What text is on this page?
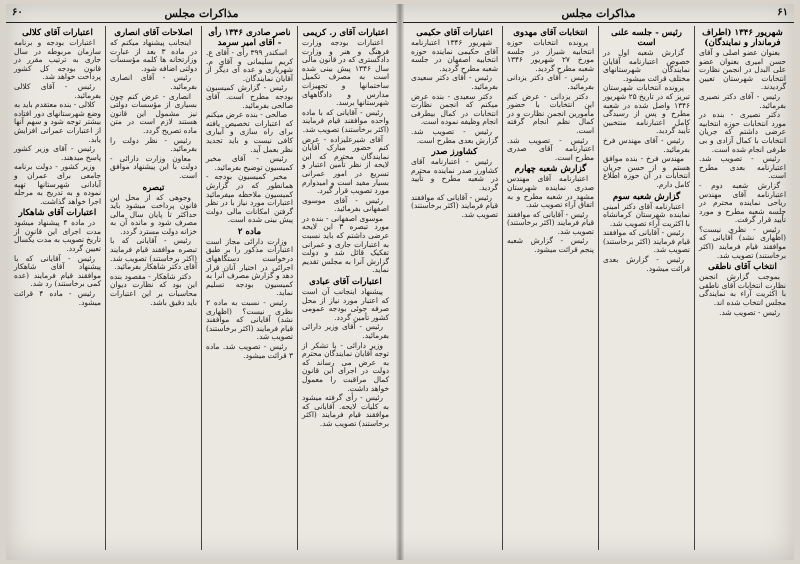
مذاکرات مجلس
۶۰
اعتبارات آقای ر. کریمی
اعتبارات بودجه وزارت فرهنگ و هنر و وزارت دادگستری که در قانون مالی سال ۱۳۴۶ پیش بینی شده است به مصرف تکمیل ساختمانها و تجهیزات مدارس و دادگاههای شهرستانها برسد.
رئیس - آقایانی که با ماده واحده موافقند قیام فرمایند (اکثر برخاستند) تصویب شد.
آقای شیرعلیزاده - عرض کنم حضور مبارک آقایان نمایندگان محترم که این لایحه از نظر تأمین اعتبار و تسریع در امور عمرانی بسیار مفید است و امیدوارم مورد تصویب قرار گیرد.
رئیس - آقای موسوی اصفهانی بفرمائید.
موسوی اصفهانی - بنده در مورد تبصره ۳ این لایحه عرضی داشتم که باید نسبت به اعتبارات جاری و عمرانی تفکیک قائل شد و دولت گزارش آنرا به مجلس تقدیم نماید.
اعتبارات آقای عبادی
پیشنهاد اینجانب آن است که اعتبار مورد نیاز از محل صرفه جوئی بودجه عمومی کشور تأمین گردد.
رئیس - آقای وزیر دارائی بفرمائید.
وزیر دارائی - با تشکر از توجه آقایان نمایندگان محترم به عرض می رساند که دولت در اجرای این قانون کمال مراقبت را معمول خواهد داشت.
رئیس - رأی گرفته میشود به کلیات لایحه. آقایانی که موافقند قیام فرمایند (اکثر برخاستند) تصویب شد.
ناصر صادری ۱۳۴۶ رأی - آقای امیر سرمد
اسکندر ۳۹۹ رأی - آقای ع. کریم سلیمانی و آقای م. شهریاری و عده ای دیگر از آقایان نمایندگان.
رئیس - گزارش کمیسیون بودجه مطرح است. آقای صالحی بفرمائید.
صالحی - بنده عرض میکنم که اعتبارات تخصیص یافته برای راه سازی و آبیاری کافی نیست و باید تجدید نظر بعمل آید.
رئیس - آقای مخبر کمیسیون توضیح بفرمائید.
مخبر کمیسیون بودجه - همانطور که در گزارش کمیسیون ملاحظه میفرمائید اعتبارات مورد نیاز با در نظر گرفتن امکانات مالی دولت پیش بینی شده است.
ماده ۲
وزارت دارائی مجاز است اعتبارات مذکور را بر طبق درخواست دستگاههای اجرائی در اختیار آنان قرار دهد و گزارش مصرف آنرا به کمیسیون بودجه تسلیم نماید.
رئیس - نسبت به ماده ۲ نظری نیست؟ (اظهاری نشد) آقایانی که موافقند قیام فرمایند (اکثر برخاستند) تصویب شد.
رئیس - تصویب شد. ماده ۳ قرائت میشود.
اصلاحات آقای انصاری
اینجانب پیشنهاد میکنم که در ماده ۳ بعد از عبارت وزارتخانه ها کلمه مؤسسات دولتی اضافه شود.
رئیس - آقای انصاری بفرمائید.
انصاری - عرض کنم چون بسیاری از مؤسسات دولتی نیز مشمول این قانون هستند لازم است در متن ماده تصریح گردد.
رئیس - نظر دولت را بفرمائید.
معاون وزارت دارائی - دولت با این پیشنهاد موافق است.
تبصره
وجوهی که از محل این قانون پرداخت میشود باید حداکثر تا پایان سال مالی مصرف شود و مانده آن به خزانه دولت مسترد گردد.
رئیس - آقایانی که با تبصره موافقند قیام فرمایند (اکثر برخاستند) تصویب شد. آقای دکتر شاهکار بفرمائید.
دکتر شاهکار - مقصود بنده این بود که نظارت دیوان محاسبات بر این اعتبارات باید دقیق باشد.
اعتبارات آقای کلالی
اعتبارات بودجه و برنامه سازمان مربوطه در سال جاری به ترتیب مقرر در قانون بودجه کل کشور پرداخت خواهد شد.
رئیس - آقای کلالی بفرمائید.
کلالی - بنده معتقدم باید به وضع شهرستانهای دور افتاده بیشتر توجه شود و سهم آنها از اعتبارات عمرانی افزایش یابد.
رئیس - آقای وزیر کشور پاسخ میدهند.
وزیر کشور - دولت برنامه جامعی برای عمران و آبادانی شهرستانها تهیه نموده و به تدریج به مرحله اجرا خواهد گذاشت.
اعتبارات آقای شاهکار
در ماده ۴ پیشنهاد میشود مدت اجرای این قانون از تاریخ تصویب به مدت یکسال تعیین گردد.
رئیس - آقایانی که با پیشنهاد آقای شاهکار موافقند قیام فرمایند (عده کمی برخاستند) رد شد.
رئیس - ماده ۴ قرائت میشود.
مذاکرات مجلس	۶۱
شهریور ۱۳۴۶ (اطراف فرماندار و نمایندگان)
بعنوان عضو اصلی و آقای حسن امیری بعنوان عضو علی البدل در انجمن نظارت انتخابات شهرستان تعیین گردیدند.
رئیس - آقای دکتر نصیری بفرمائید.
دکتر نصیری - بنده در مورد انتخابات حوزه انتخابیه عرضی داشتم که جریان انتخابات با کمال آزادی و بی طرفی انجام شده است.
رئیس - تصویب شد. اعتبارنامه بعدی مطرح است.
گزارش شعبه دوم - اعتبارنامه آقای مهندس ریاحی نماینده محترم در جلسه شعبه مطرح و مورد تأیید قرار گرفت.
رئیس - نظری نیست؟ (اظهاری نشد) آقایانی که موافقند قیام فرمایند (اکثر برخاستند) تصویب شد.
انتخاب آقای ناطقی
بموجب گزارش انجمن نظارت انتخابات آقای ناطقی با اکثریت آراء به نمایندگی مجلس انتخاب شده اند.
رئیس - تصویب شد.
رئیس - جلسه علنی است
گزارش شعبه اول در خصوص اعتبارنامه آقایان نمایندگان شهرستانهای مختلف قرائت میشود.
پرونده انتخابات شهرستان تبریز که در تاریخ ۲۵ شهریور ۱۳۴۶ واصل شده در شعبه مطرح و پس از رسیدگی کامل اعتبارنامه منتخبین تأیید گردید.
رئیس - آقای مهندس فرخ بفرمائید.
مهندس فرخ - بنده موافق هستم و از حسن جریان انتخابات در آن حوزه اطلاع کامل دارم.
گزارش شعبه سوم
اعتبارنامه آقای دکتر امینی نماینده شهرستان کرمانشاه با اکثریت آراء تصویب شد.
رئیس - آقایانی که موافقند قیام فرمایند (اکثر برخاستند) تصویب شد.
رئیس - گزارش بعدی قرائت میشود.
انتخابات آقای مهدوی
پرونده انتخابات حوزه انتخابیه شیراز در جلسه مورخ ۲۷ شهریور ۱۳۴۶ شعبه مطرح گردید.
رئیس - آقای دکتر یزدانی بفرمائید.
دکتر یزدانی - عرض کنم این انتخابات با حضور مأمورین انجمن نظارت و در کمال نظم انجام گرفته است.
رئیس - تصویب شد. اعتبارنامه آقای صدری مطرح است.
گزارش شعبه چهارم
اعتبارنامه آقای مهندس صدری نماینده شهرستان مشهد در شعبه مطرح و به اتفاق آراء تصویب شد.
رئیس - آقایانی که موافقند قیام فرمایند (اکثر برخاستند) تصویب شد.
رئیس - گزارش شعبه پنجم قرائت میشود.
اعتبارات آقای حکیمی
شهریور ۱۳۴۶ اعتبارنامه آقای حکیمی نماینده حوزه انتخابیه اصفهان در جلسه شعبه مطرح گردید.
رئیس - آقای دکتر سعیدی بفرمائید.
دکتر سعیدی - بنده عرض میکنم که انجمن نظارت انتخابات در کمال بیطرفی انجام وظیفه نموده است.
رئیس - تصویب شد. گزارش بعدی مطرح است.
کشاورز صدر
رئیس - اعتبارنامه آقای کشاورز صدر نماینده محترم در شعبه مطرح و تأیید گردید.
رئیس - آقایانی که موافقند قیام فرمایند (اکثر برخاستند) تصویب شد.
